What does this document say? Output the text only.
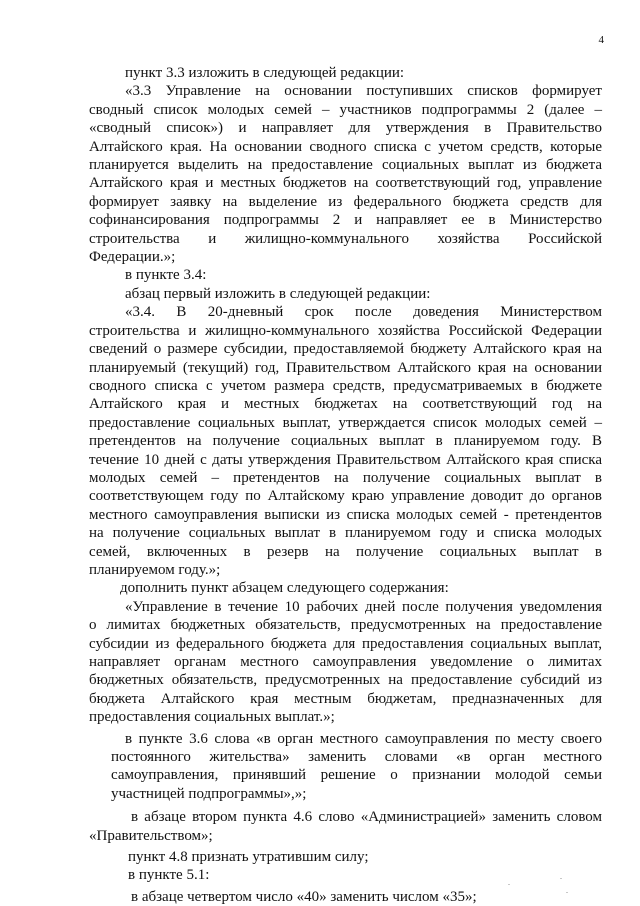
4

пункт 3.3 изложить в следующей редакции:

«3.3 Управление на основании поступивших списков формирует

сводный список молодых семей – участников подпрограммы 2 (далее –

«сводный список») и направляет для утверждения в Правительство

Алтайского края. На основании сводного списка с учетом средств, которые

планируется выделить на предоставление социальных выплат из бюджета

Алтайского края и местных бюджетов на соответствующий год, управление

формирует заявку на выделение из федерального бюджета средств для

софинансирования подпрограммы 2 и направляет ее в Министерство

строительства и жилищно-коммунального хозяйства Российской

Федерации.»;

в пункте 3.4:

абзац первый изложить в следующей редакции:

«3.4. В 20-дневный срок после доведения Министерством

строительства и жилищно-коммунального хозяйства Российской Федерации

сведений о размере субсидии, предоставляемой бюджету Алтайского края на

планируемый (текущий) год, Правительством Алтайского края на основании

сводного списка с учетом размера средств, предусматриваемых в бюджете

Алтайского края и местных бюджетах на соответствующий год на

предоставление социальных выплат, утверждается список молодых семей –

претендентов на получение социальных выплат в планируемом году. В

течение 10 дней с даты утверждения Правительством Алтайского края списка

молодых семей – претендентов на получение социальных выплат в

соответствующем году по Алтайскому краю управление доводит до органов

местного самоуправления выписки из списка молодых семей - претендентов

на получение социальных выплат в планируемом году и списка молодых

семей, включенных в резерв на получение социальных выплат в

планируемом году.»;

дополнить пункт абзацем следующего содержания:

«Управление в течение 10 рабочих дней после получения уведомления

о лимитах бюджетных обязательств, предусмотренных на предоставление

субсидии из федерального бюджета для предоставления социальных выплат,

направляет органам местного самоуправления уведомление о лимитах

бюджетных обязательств, предусмотренных на предоставление субсидий из

бюджета Алтайского края местным бюджетам, предназначенных для

предоставления социальных выплат.»;

в пункте 3.6 слова «в орган местного самоуправления по месту своего

постоянного жительства» заменить словами «в орган местного

самоуправления, принявший решение о признании молодой семьи

участницей подпрограммы»,»;

в абзаце втором пункта 4.6 слово «Администрацией» заменить словом

«Правительством»;

пункт 4.8 признать утратившим силу;

в пункте 5.1:

в абзаце четвертом число «40» заменить числом «35»;
